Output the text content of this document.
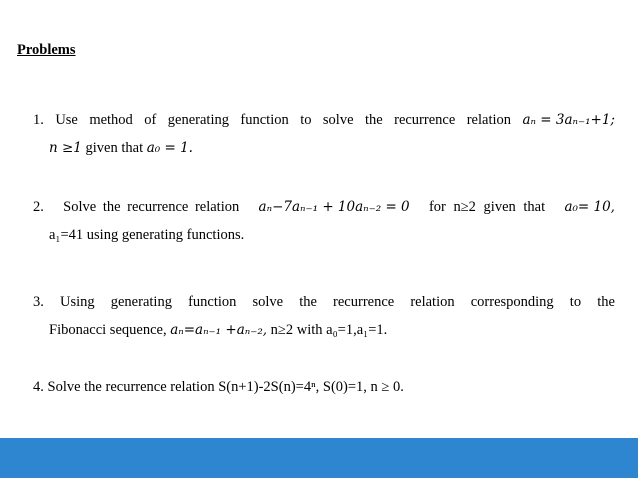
Problems
1. Use method of generating function to solve the recurrence relation aₙ = 3aₙ₋₁+1;
n ≥1
given that
a₀ = 1.
2. Solve the recurrence relation aₙ−7aₙ₋₁ + 10aₙ₋₂ = 0 for n≥2 given that a₀= 10,
a₁=41 using generating functions.
3. Using generating function solve the recurrence relation corresponding to the
Fibonacci sequence,
aₙ=aₙ₋₁ +aₙ₋₂,
n≥2 with a₀=1,a₁=1.
4.
Solve the recurrence relation S(n+1)-2S(n)=4ⁿ, S(0)=1, n ≥ 0.
